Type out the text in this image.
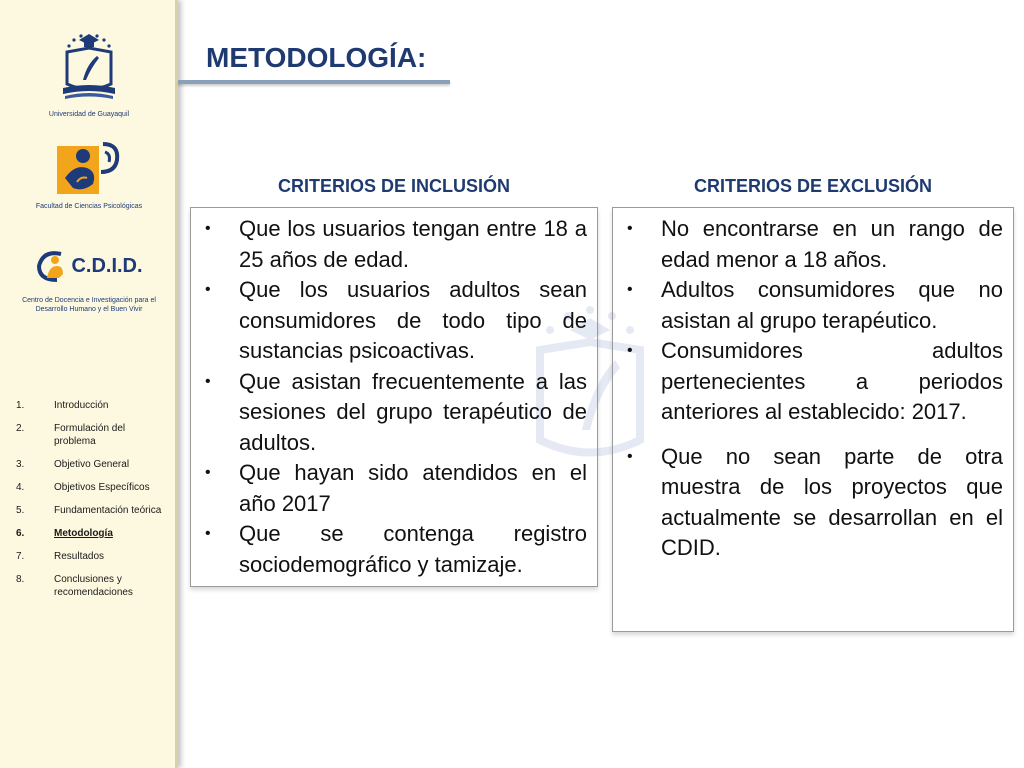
Universidad de Guayaquil
Facultad de Ciencias Psicológicas
C.D.I.D.
Centro de Docencia e Investigación para el Desarrollo Humano y el Buen Vivir
1.	Introducción
2.	Formulación del problema
3.	Objetivo General
4.	Objetivos Específicos
5.	Fundamentación teórica
6.	Metodología
7.	Resultados
8.	Conclusiones y recomendaciones
METODOLOGÍA:
CRITERIOS DE INCLUSIÓN
• Que los usuarios tengan entre 18 a 25 años de edad.
• Que los usuarios adultos sean consumidores de todo tipo de sustancias psicoactivas.
• Que asistan frecuentemente a las sesiones del grupo terapéutico de adultos.
• Que hayan sido atendidos en el año 2017
• Que se contenga registro sociodemográfico y tamizaje.
CRITERIOS DE EXCLUSIÓN
• No encontrarse en un rango de edad menor a 18 años.
• Adultos consumidores que no asistan al grupo terapéutico.
• Consumidores adultos pertenecientes a periodos anteriores al establecido: 2017.
• Que no sean parte de otra muestra de los proyectos que actualmente se desarrollan en el CDID.
